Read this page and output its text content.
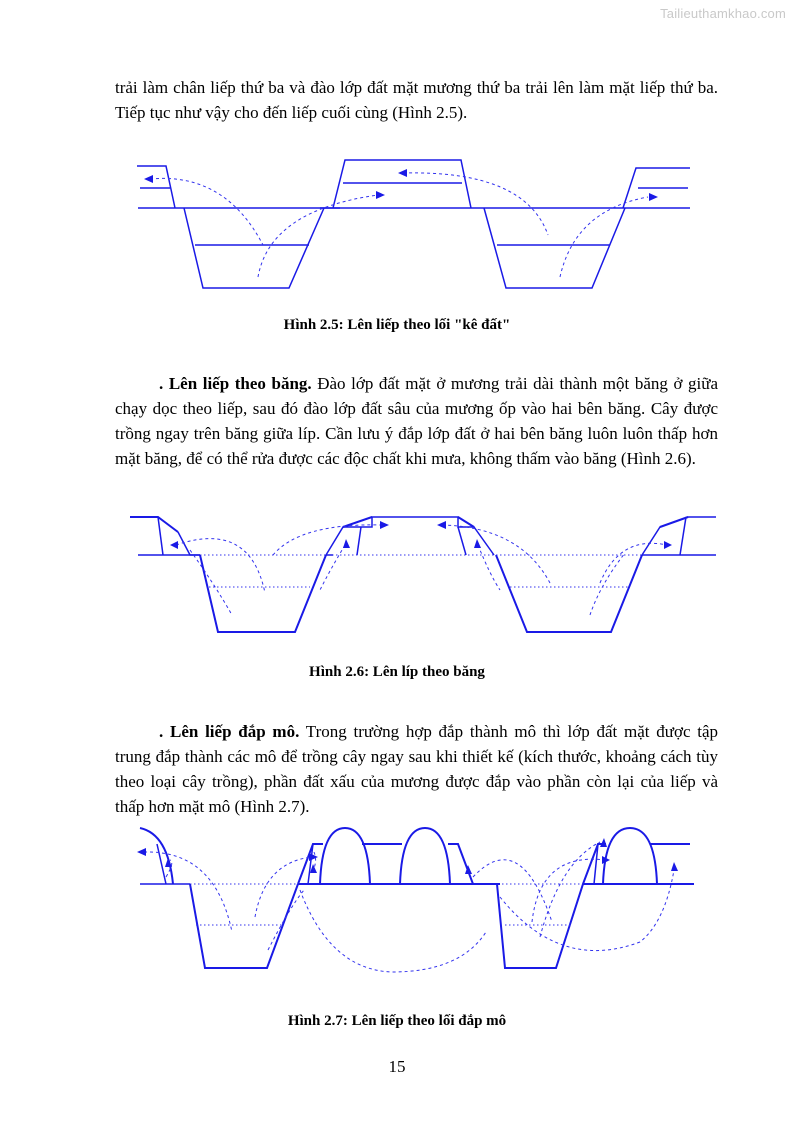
Tailieuthamkhao.com

trải làm chân liếp thứ ba và đào lớp đất mặt mương thứ ba trải lên làm mặt liếp thứ ba. Tiếp tục như vậy cho đến liếp cuối cùng (Hình 2.5).

Hình 2.5: Lên liếp theo lối "kê đất"

. Lên liếp theo băng. Đào lớp đất mặt ở mương trải dài thành một băng ở giữa chạy dọc theo liếp, sau đó đào lớp đất sâu của mương ốp vào hai bên băng. Cây được trồng ngay trên băng giữa líp. Cần lưu ý đắp lớp đất ở hai bên băng luôn luôn thấp hơn mặt băng, để có thể rửa được các độc chất khi mưa, không thấm vào băng (Hình 2.6).

Hình 2.6: Lên líp theo băng

. Lên liếp đắp mô. Trong trường hợp đắp thành mô thì lớp đất mặt được tập trung đắp thành các mô để trồng cây ngay sau khi thiết kế (kích thước, khoảng cách tùy theo loại cây trồng), phần đất xấu của mương được đắp vào phần còn lại của liếp và thấp hơn mặt mô (Hình 2.7).

Hình 2.7: Lên liếp theo lối đắp mô
15
